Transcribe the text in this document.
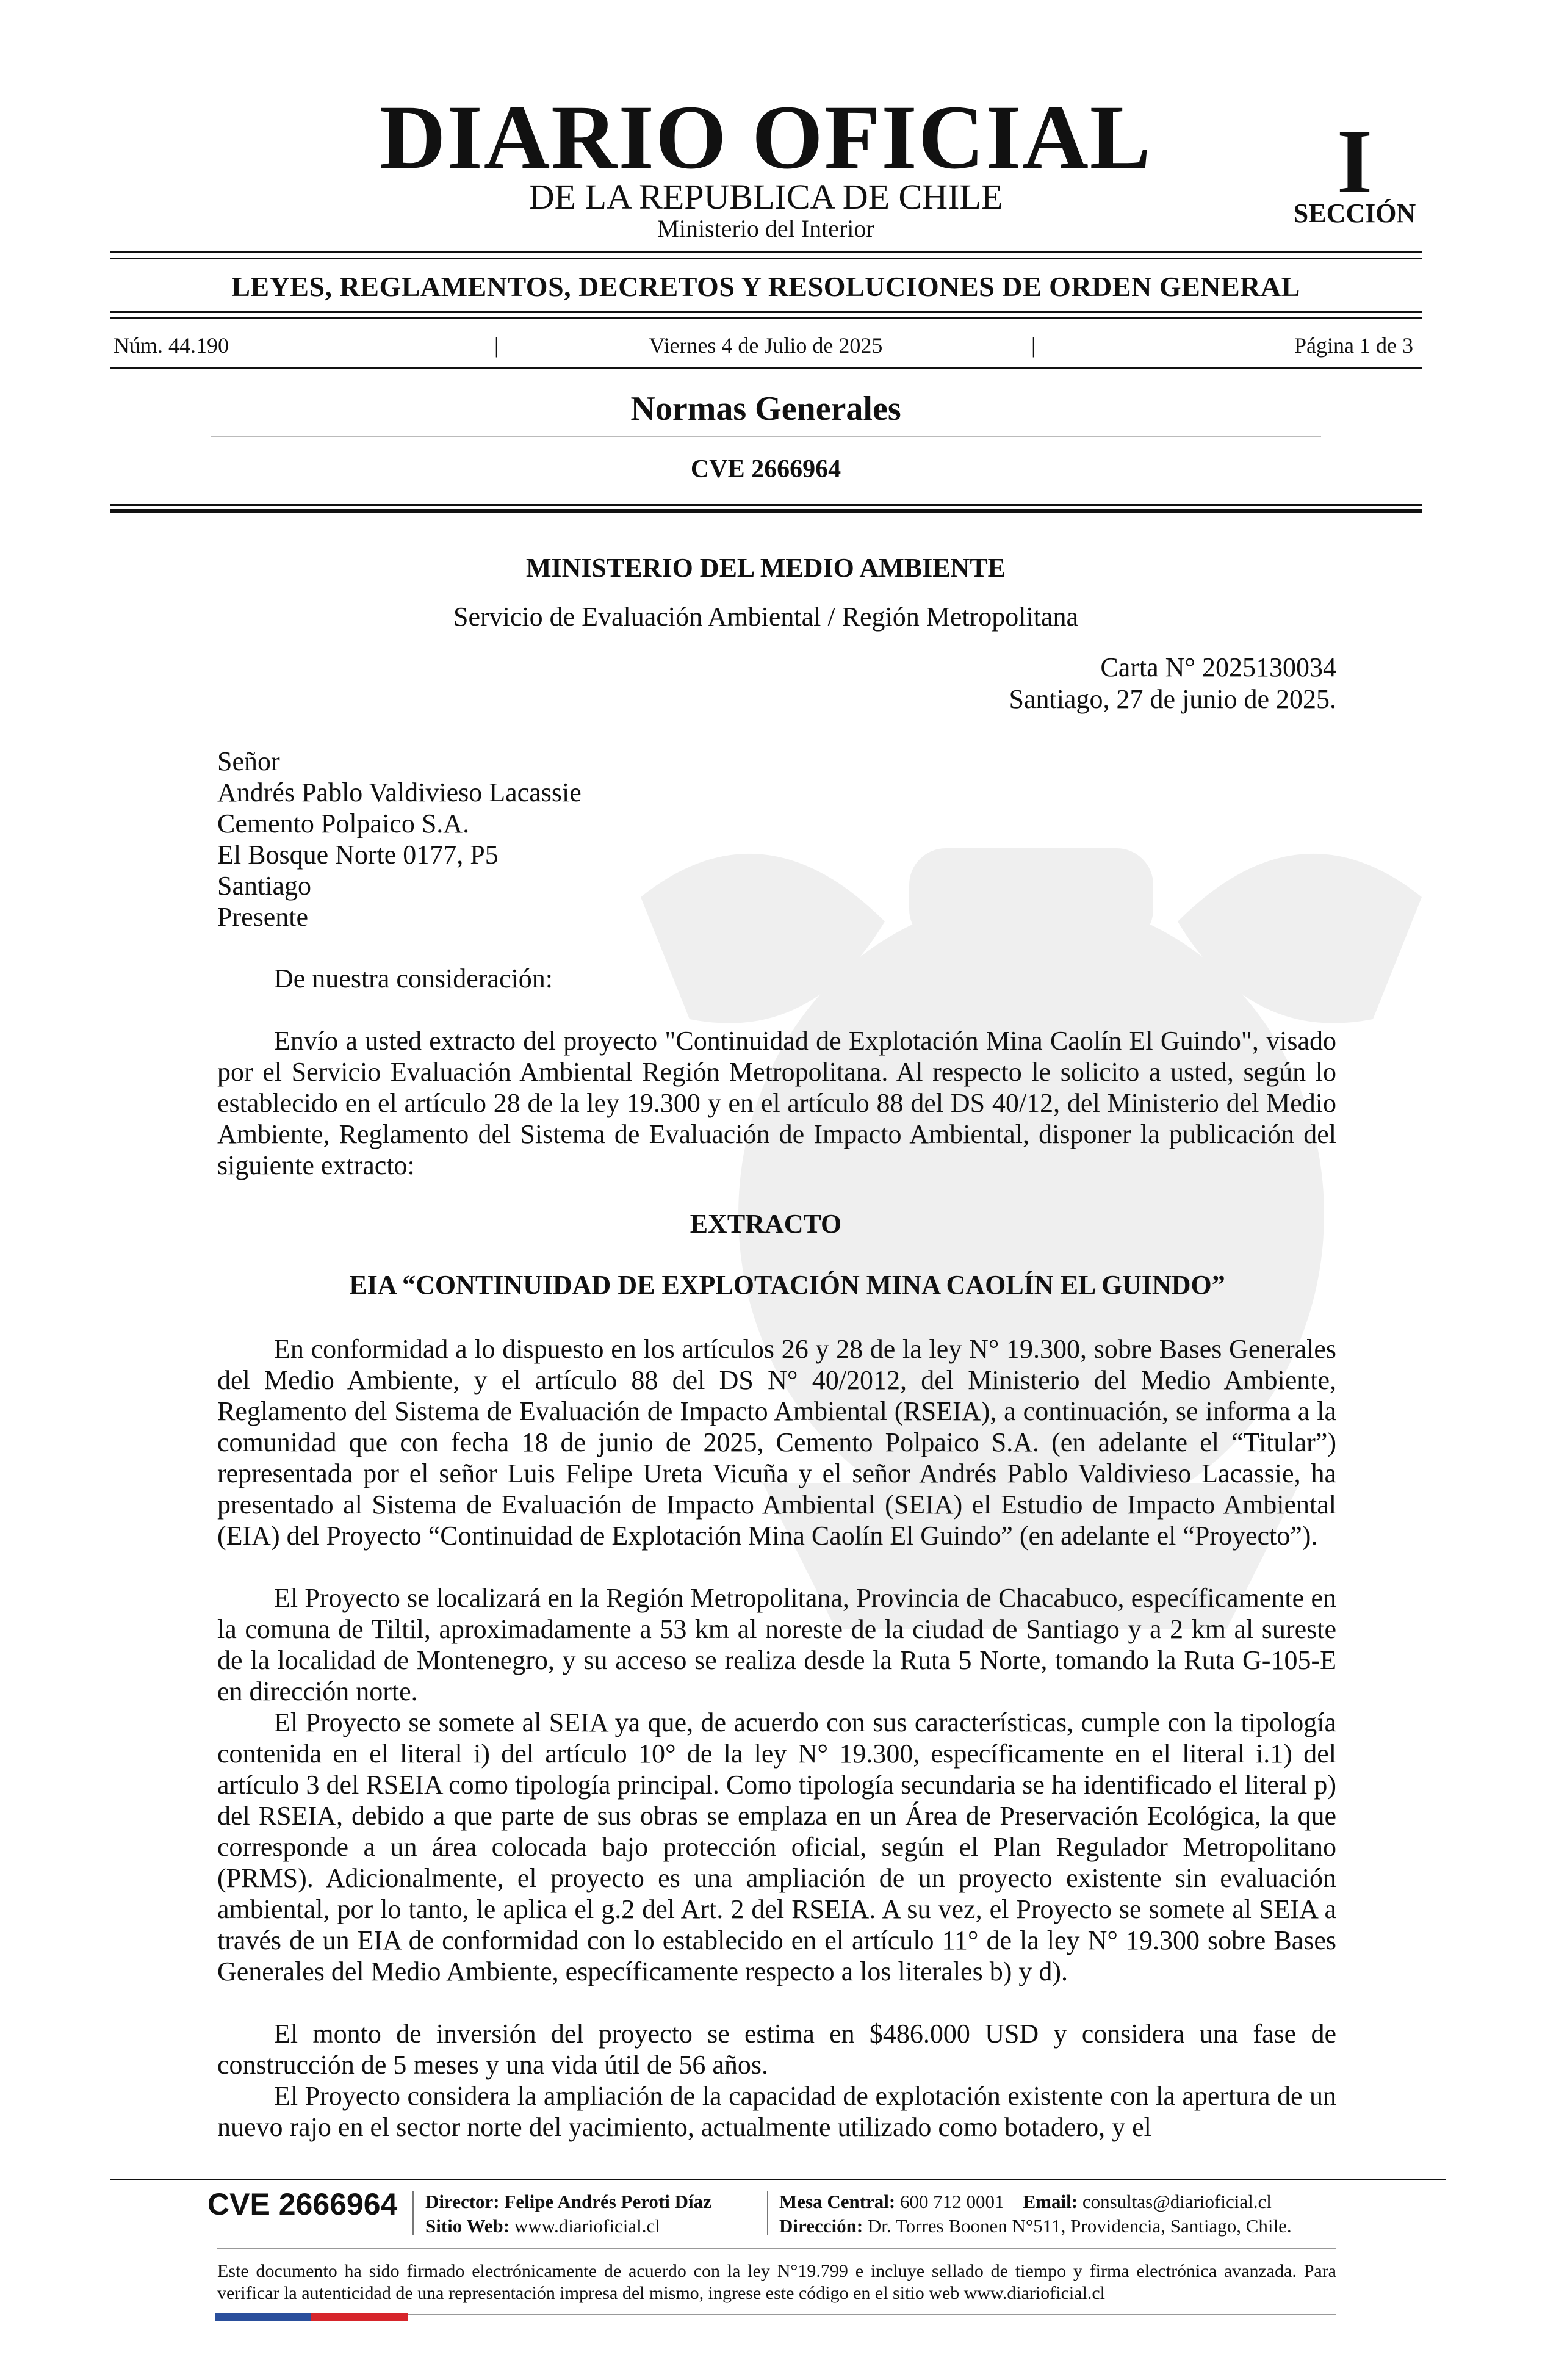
DIARIO OFICIAL
DE LA REPUBLICA DE CHILE
Ministerio del Interior
I
SECCIÓN
LEYES, REGLAMENTOS, DECRETOS Y RESOLUCIONES DE ORDEN GENERAL
Núm. 44.190	|	Viernes 4 de Julio de 2025	|	Página 1 de 3
Normas Generales
CVE 2666964
MINISTERIO DEL MEDIO AMBIENTE
Servicio de Evaluación Ambiental / Región Metropolitana
Carta N° 2025130034
Santiago, 27 de junio de 2025.
Señor
Andrés Pablo Valdivieso Lacassie
Cemento Polpaico S.A.
El Bosque Norte 0177, P5
Santiago
Presente
De nuestra consideración:
Envío a usted extracto del proyecto "Continuidad de Explotación Mina Caolín El Guindo", visado por el Servicio Evaluación Ambiental Región Metropolitana. Al respecto le solicito a usted, según lo establecido en el artículo 28 de la ley 19.300 y en el artículo 88 del DS 40/12, del Ministerio del Medio Ambiente, Reglamento del Sistema de Evaluación de Impacto Ambiental, disponer la publicación del siguiente extracto:
EXTRACTO
EIA “CONTINUIDAD DE EXPLOTACIÓN MINA CAOLÍN EL GUINDO”
En conformidad a lo dispuesto en los artículos 26 y 28 de la ley N° 19.300, sobre Bases Generales del Medio Ambiente, y el artículo 88 del DS N° 40/2012, del Ministerio del Medio Ambiente, Reglamento del Sistema de Evaluación de Impacto Ambiental (RSEIA), a continuación, se informa a la comunidad que con fecha 18 de junio de 2025, Cemento Polpaico S.A. (en adelante el “Titular”) representada por el señor Luis Felipe Ureta Vicuña y el señor Andrés Pablo Valdivieso Lacassie, ha presentado al Sistema de Evaluación de Impacto Ambiental (SEIA) el Estudio de Impacto Ambiental (EIA) del Proyecto “Continuidad de Explotación Mina Caolín El Guindo” (en adelante el “Proyecto”).
El Proyecto se localizará en la Región Metropolitana, Provincia de Chacabuco, específicamente en la comuna de Tiltil, aproximadamente a 53 km al noreste de la ciudad de Santiago y a 2 km al sureste de la localidad de Montenegro, y su acceso se realiza desde la Ruta 5 Norte, tomando la Ruta G-105-E en dirección norte.
El Proyecto se somete al SEIA ya que, de acuerdo con sus características, cumple con la tipología contenida en el literal i) del artículo 10° de la ley N° 19.300, específicamente en el literal i.1) del artículo 3 del RSEIA como tipología principal. Como tipología secundaria se ha identificado el literal p) del RSEIA, debido a que parte de sus obras se emplaza en un Área de Preservación Ecológica, la que corresponde a un área colocada bajo protección oficial, según el Plan Regulador Metropolitano (PRMS). Adicionalmente, el proyecto es una ampliación de un proyecto existente sin evaluación ambiental, por lo tanto, le aplica el g.2 del Art. 2 del RSEIA. A su vez, el Proyecto se somete al SEIA a través de un EIA de conformidad con lo establecido en el artículo 11° de la ley N° 19.300 sobre Bases Generales del Medio Ambiente, específicamente respecto a los literales b) y d).
El monto de inversión del proyecto se estima en $486.000 USD y considera una fase de construcción de 5 meses y una vida útil de 56 años.
El Proyecto considera la ampliación de la capacidad de explotación existente con la apertura de un nuevo rajo en el sector norte del yacimiento, actualmente utilizado como botadero, y el
CVE 2666964 Director: Felipe Andrés Peroti Díaz
Sitio Web: www.diarioficial.cl
Mesa Central: 600 712 0001 Email: consultas@diarioficial.cl
Dirección: Dr. Torres Boonen N°511, Providencia, Santiago, Chile.
Este documento ha sido firmado electrónicamente de acuerdo con la ley N°19.799 e incluye sellado de tiempo y firma electrónica avanzada. Para verificar la autenticidad de una representación impresa del mismo, ingrese este código en el sitio web www.diarioficial.cl
